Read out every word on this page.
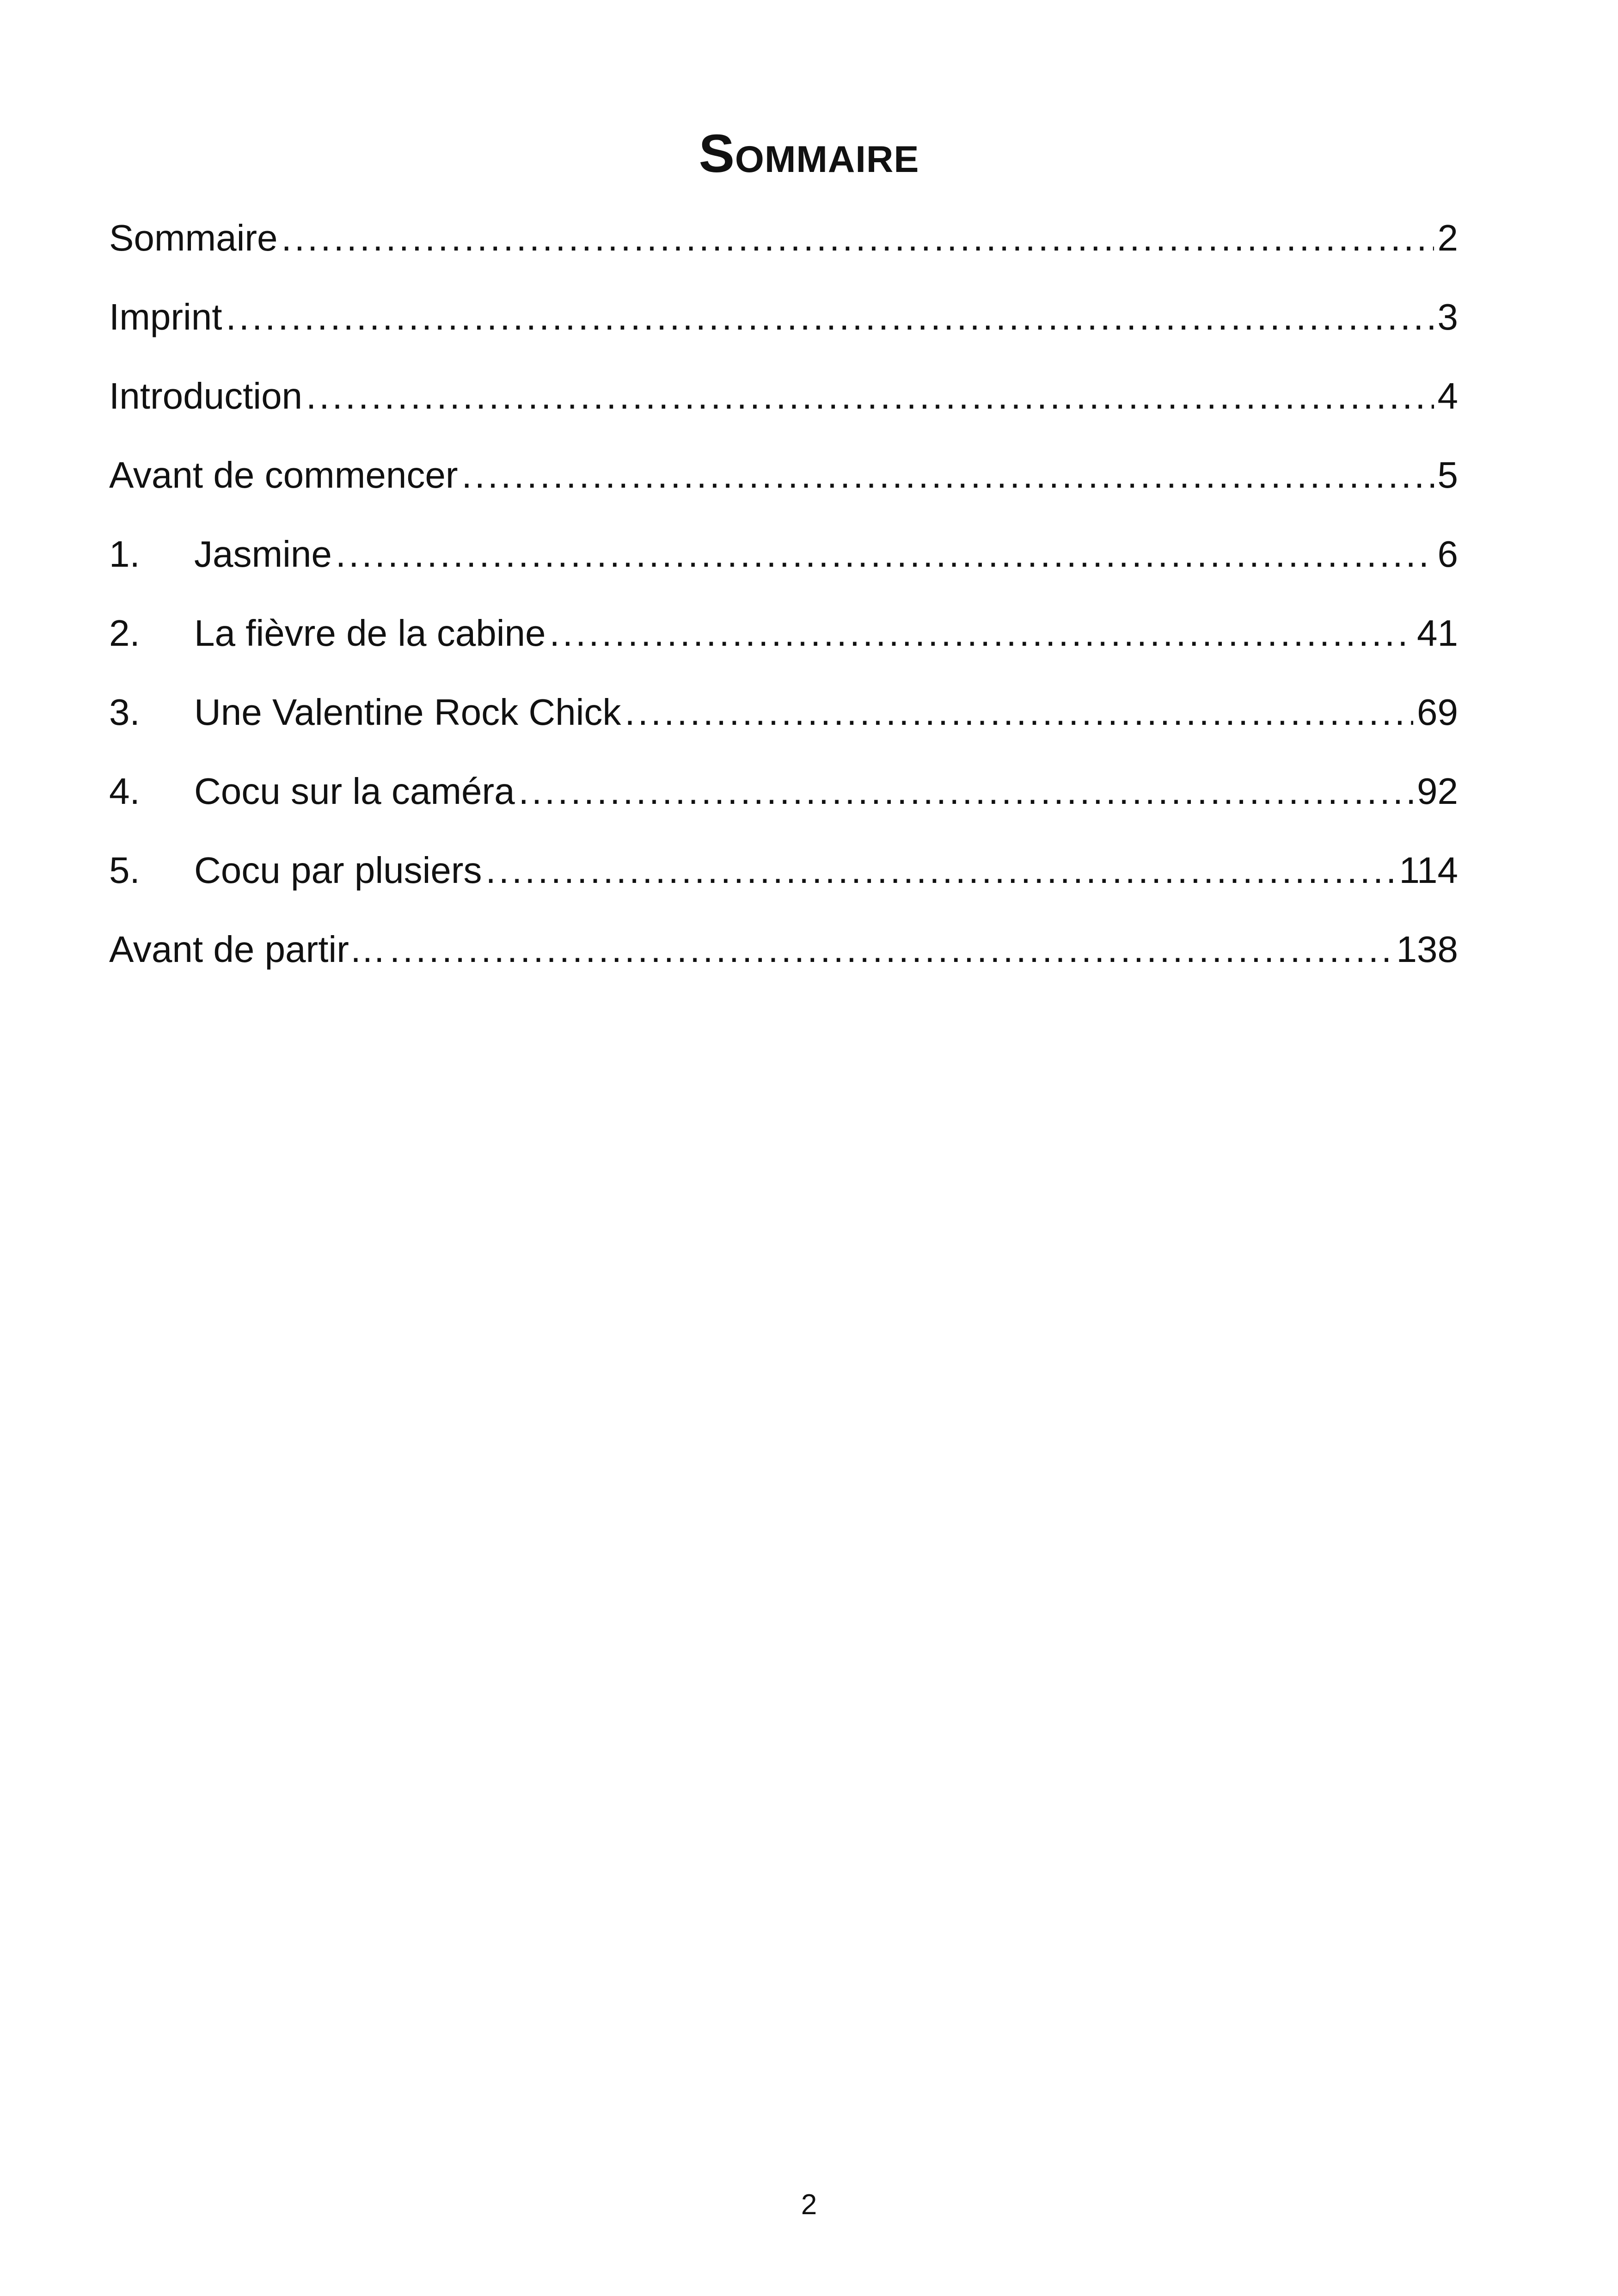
Sommaire
Sommaire .....	2
Imprint .....	3
Introduction .....	4
Avant de commencer .....	5
1.	Jasmine .....	6
2.	La fièvre de la cabine .....	41
3.	Une Valentine Rock Chick .....	69
4.	Cocu sur la caméra .....	92
5.	Cocu par plusiers .....	114
Avant de partir… .....	138
2
